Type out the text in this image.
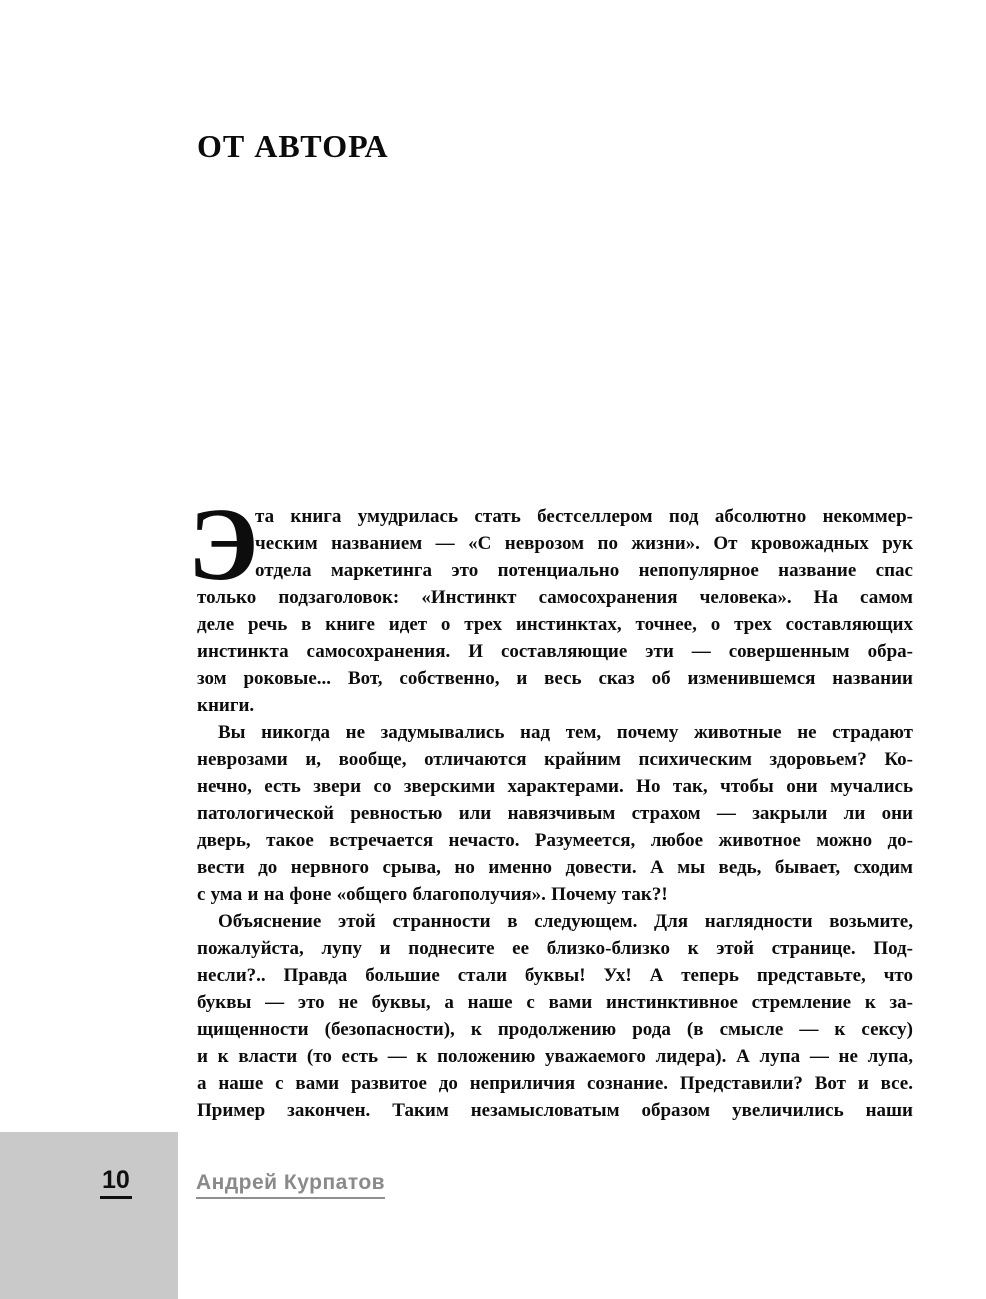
ОТ АВТОРА
Э
та книга умудрилась стать бестселлером под абсолютно некоммер-
ческим названием — «С неврозом по жизни». От кровожадных рук
отдела маркетинга это потенциально непопулярное название спас
только подзаголовок: «Инстинкт самосохранения человека». На самом
деле речь в книге идет о трех инстинктах, точнее, о трех составляющих
инстинкта самосохранения. И составляющие эти — совершенным обра-
зом роковые... Вот, собственно, и весь сказ об изменившемся названии
книги.
Вы никогда не задумывались над тем, почему животные не страдают
неврозами и, вообще, отличаются крайним психическим здоровьем? Ко-
нечно, есть звери со зверскими характерами. Но так, чтобы они мучались
патологической ревностью или навязчивым страхом — закрыли ли они
дверь, такое встречается нечасто. Разумеется, любое животное можно до-
вести до нервного срыва, но именно довести. А мы ведь, бывает, сходим
с ума и на фоне «общего благополучия». Почему так?!
Объяснение этой странности в следующем. Для наглядности возьмите,
пожалуйста, лупу и поднесите ее близко-близко к этой странице. Под-
несли?.. Правда большие стали буквы! Ух! А теперь представьте, что
буквы — это не буквы, а наше с вами инстинктивное стремление к за-
щищенности (безопасности), к продолжению рода (в смысле — к сексу)
и к власти (то есть — к положению уважаемого лидера). А лупа — не лупа,
а наше с вами развитое до неприличия сознание. Представили? Вот и все.
Пример закончен. Таким незамысловатым образом увеличились наши
10	Андрей Курпатов
